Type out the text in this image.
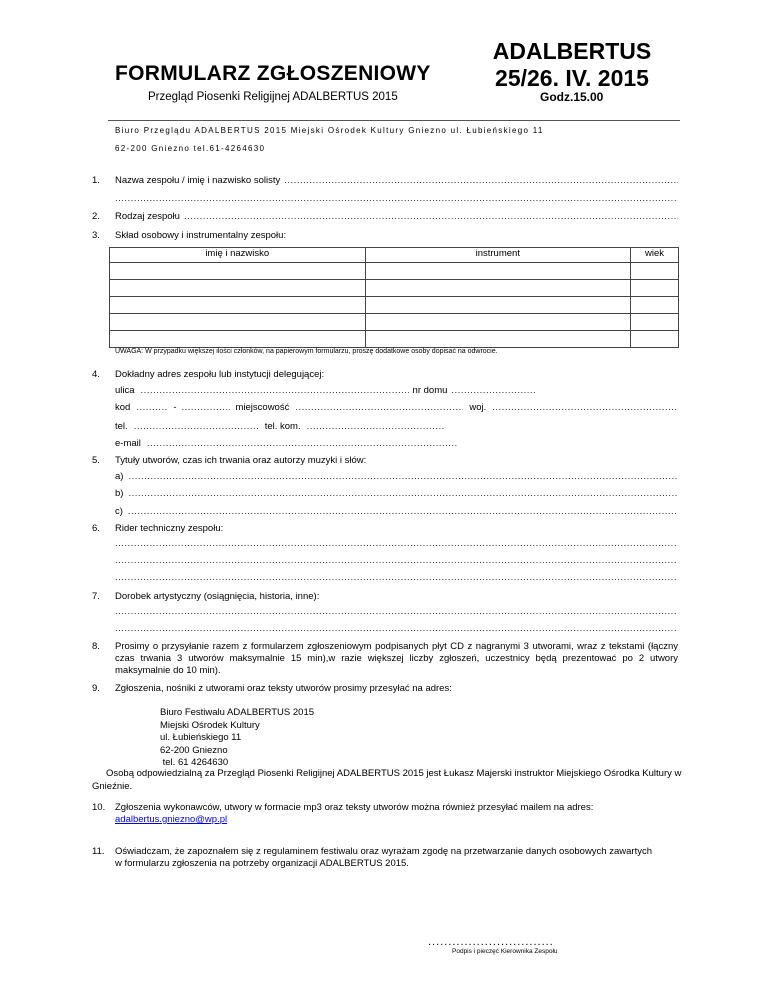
FORMULARZ ZGŁOSZENIOWY
Przegląd Piosenki Religijnej ADALBERTUS 2015
ADALBERTUS
25/26. IV. 2015
Godz.15.00
Biuro Przeglądu ADALBERTUS 2015 Miejski Ośrodek Kultury Gniezno ul. Łubieńskiego 11
62-200 Gniezno tel.61-4264630
1. Nazwa zespołu / imię i nazwisko solisty
.....
.....
2. Rodzaj zespołu
.....
3. Skład osobowy i instrumentalny zespołu:
imię i nazwisko	instrument	wiek

UWAGA: W przypadku większej ilości członków, na papierowym formularzu, proszę dodatkowe osoby dopisać na odwrocie.
4. Dokładny adres zespołu lub instytucji delegującej:
ulica .....	nr domu
.....
kod .....	- .....	miejscowość .....	woj.
.....
tel. .....	tel. kom.
.....
e-mail
.....
5. Tytuły utworów, czas ich trwania oraz autorzy muzyki i słów:
a)
.....
b)
.....
c)
.....
6. Rider techniczny zespołu:
.....
.....
.....
7. Dorobek artystyczny (osiągnięcia, historia, inne):
.....
.....
8. Prosimy o przysyłanie razem z formularzem zgłoszeniowym podpisanych płyt CD z nagranymi 3 utworami, wraz z tekstami (łączny czas trwania 3 utworów maksymalnie 15 min),w razie większej liczby zgłoszeń, uczestnicy będą prezentować po 2 utwory maksymalnie do 10 min).
9. Zgłoszenia, nośniki z utworami oraz teksty utworów prosimy przesyłać na adres:
Biuro Festiwalu ADALBERTUS 2015
Miejski Ośrodek Kultury
ul. Łubieńskiego 11
62-200 Gniezno
tel. 61 4264630
Osobą odpowiedzialną za Przegląd Piosenki Religijnej ADALBERTUS 2015 jest Łukasz Majerski instruktor Miejskiego Ośrodka Kultury w Gnieźnie.
10. Zgłoszenia wykonawców, utwory w formacie mp3 oraz teksty utworów można również przesyłać mailem na adres:
adalbertus.gniezno@wp.pl
11. Oświadczam, że zapoznałem się z regulaminem festiwalu oraz wyrażam zgodę na przetwarzanie danych osobowych zawartych w formularzu zgłoszenia na potrzeby organizacji ADALBERTUS 2015.
...............................
Podpis i pieczęć Kierownika Zespołu
